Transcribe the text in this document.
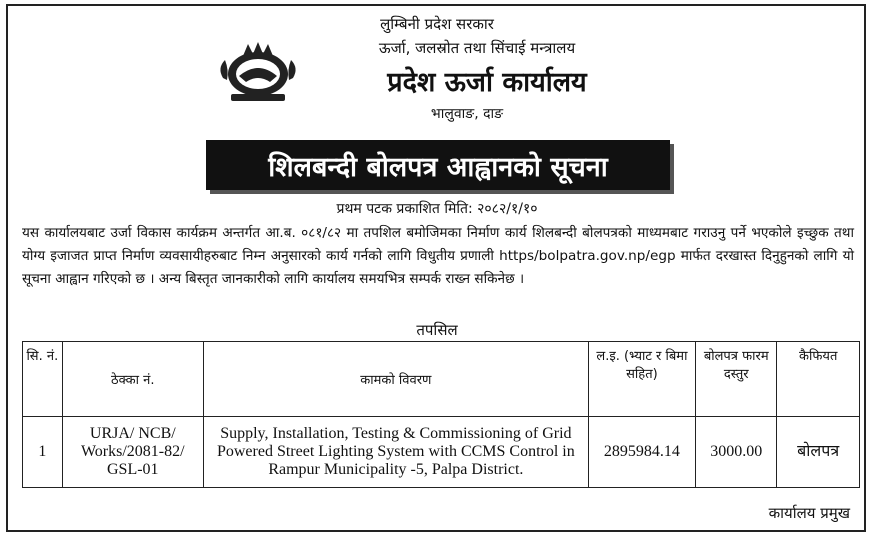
लुम्बिनी प्रदेश सरकार
ऊर्जा, जलस्रोत तथा सिंचाई मन्त्रालय
प्रदेश ऊर्जा कार्यालय
भालुवाङ, दाङ
शिलबन्दी बोलपत्र आह्वानको सूचना
प्रथम पटक प्रकाशित मिति: २०८२/१/१०
यस कार्यालयबाट उर्जा विकास कार्यक्रम अन्तर्गत आ.ब. ०८१/८२ मा तपशिल बमोजिमका निर्माण कार्य शिलबन्दी बोलपत्रको माध्यमबाट गराउनु पर्ने भएकोले इच्छुक तथा योग्य इजाजत प्राप्त निर्माण व्यवसायीहरुबाट निम्न अनुसारको कार्य गर्नको लागि विधुतीय प्रणाली https/bolpatra.gov.np/egp मार्फत दरखास्त दिनुहुनको लागि यो सूचना आह्वान गरिएको छ । अन्य बिस्तृत जानकारीको लागि कार्यालय समयभित्र सम्पर्क राख्न सकिनेछ ।
तपसिल
सि. नं.	ठेक्का नं.	कामको विवरण	ल.इ. (भ्याट र बिमा सहित)	बोलपत्र फारम दस्तुर	कैफियत
1	URJA/ NCB/ Works/2081-82/ GSL-01	Supply, Installation, Testing & Commissioning of Grid Powered Street Lighting System with CCMS Control in Rampur Municipality -5, Palpa District.	2895984.14	3000.00	बोलपत्र
कार्यालय प्रमुख
